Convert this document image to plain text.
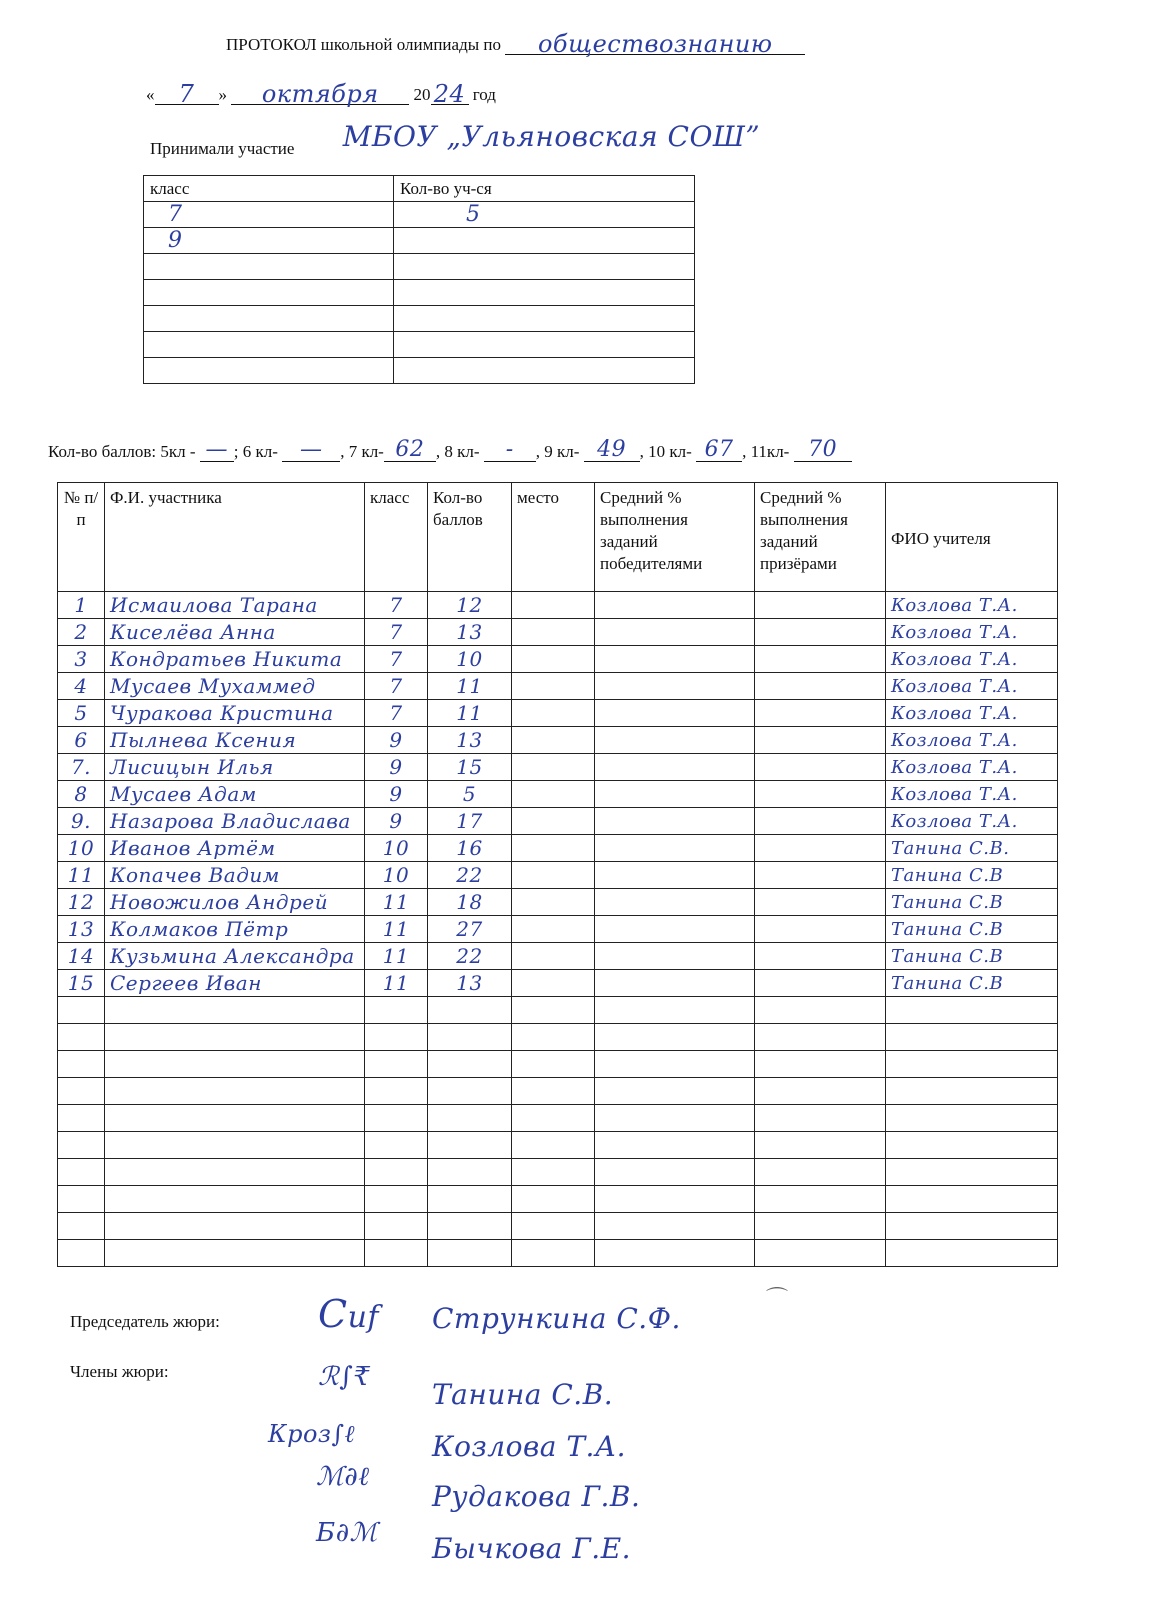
ПРОТОКОЛ школьной олимпиады по обществознанию
« 7 » октября 20 24 год
Принимали участие МБОУ „Ульяновская СОШ”
класс	Кол-во уч-ся
7	5
9	

Кол-во баллов: 5кл - — ; 6 кл- — , 7 кл- 62 , 8 кл- - , 9 кл- 49 , 10 кл- 67 , 11кл- 70
№ п/п	Ф.И. участника	класс	Кол-во баллов	место	Средний % выполнения заданий победителями	Средний % выполнения заданий призёрами	ФИО учителя
1	Исмаилова Тарана	7	12				Козлова Т.А.
2	Киселёва Анна	7	13				Козлова Т.А.
3	Кондратьев Никита	7	10				Козлова Т.А.
4	Мусаев Мухаммед	7	11				Козлова Т.А.
5	Чуракова Кристина	7	11				Козлова Т.А.
6	Пылнева Ксения	9	13				Козлова Т.А.
7.	Лисицын Илья	9	15				Козлова Т.А.
8	Мусаев Адам	9	5				Козлова Т.А.
9.	Назарова Владислава	9	17				Козлова Т.А.
10	Иванов Артём	10	16				Танина С.В.
11	Копачев Вадим	10	22				Танина С.В
12	Новожилов Андрей	11	18				Танина С.В
13	Колмаков Пётр	11	27				Танина С.В
14	Кузьмина Александра	11	22				Танина С.В
15	Сергеев Иван	11	13				Танина С.В

Председатель жюри:	Сuf Стрункина С.Ф.
⌒
Члены жюри:	ℛ∫₹
Танина С.В.
Кроз∫ℓ	Козлова Т.А.
ℳ∂ℓ
Рудакова Г.В.
Б∂ℳ Бычкова Г.Е.
